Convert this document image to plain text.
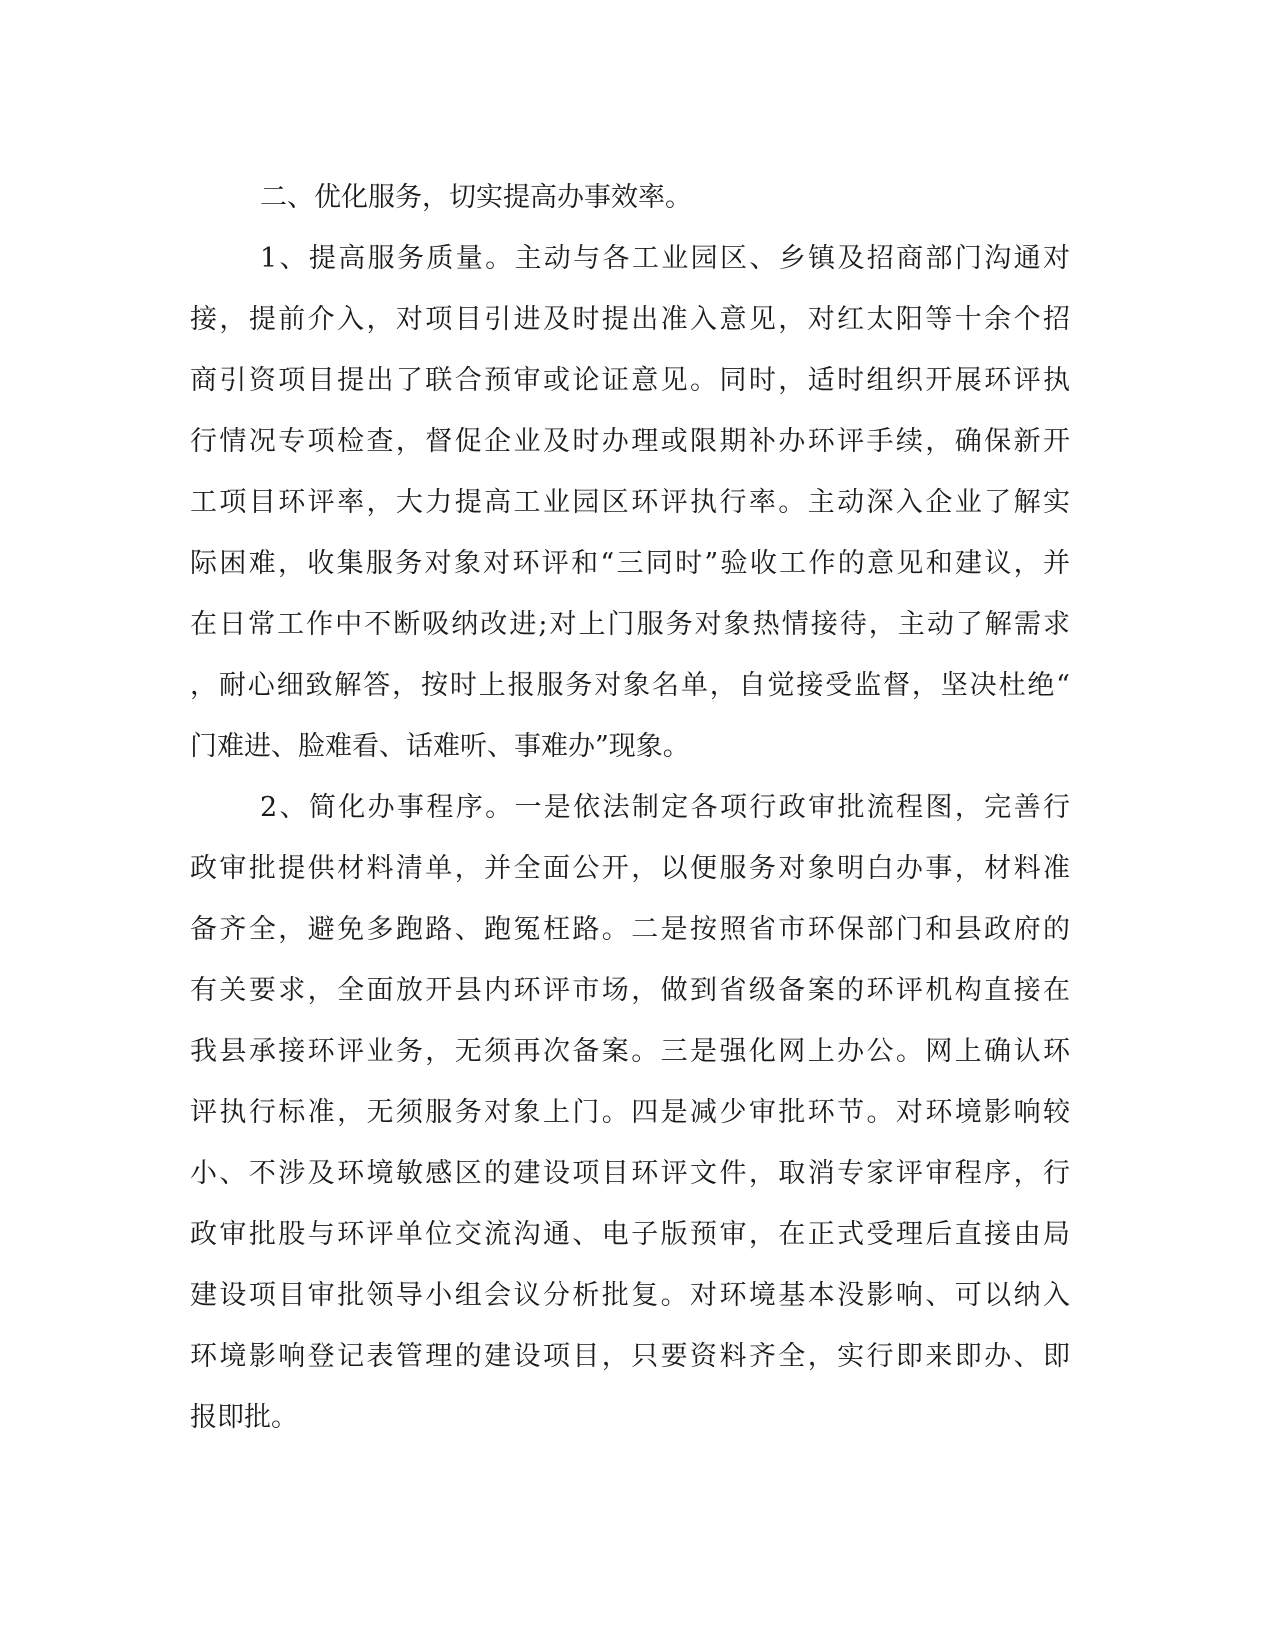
二、优化服务，切实提高办事效率。
1、提高服务质量。主动与各工业园区、乡镇及招商部门沟通对
接，提前介入，对项目引进及时提出准入意见，对红太阳等十余个招
商引资项目提出了联合预审或论证意见。同时，适时组织开展环评执
行情况专项检查，督促企业及时办理或限期补办环评手续，确保新开
工项目环评率，大力提高工业园区环评执行率。主动深入企业了解实
际困难，收集服务对象对环评和“三同时”验收工作的意见和建议，并
在日常工作中不断吸纳改进;对上门服务对象热情接待，主动了解需求
，耐心细致解答，按时上报服务对象名单，自觉接受监督，坚决杜绝“
门难进、脸难看、话难听、事难办”现象。
2、简化办事程序。一是依法制定各项行政审批流程图，完善行
政审批提供材料清单，并全面公开，以便服务对象明白办事，材料准
备齐全，避免多跑路、跑冤枉路。二是按照省市环保部门和县政府的
有关要求，全面放开县内环评市场，做到省级备案的环评机构直接在
我县承接环评业务，无须再次备案。三是强化网上办公。网上确认环
评执行标准，无须服务对象上门。四是减少审批环节。对环境影响较
小、不涉及环境敏感区的建设项目环评文件，取消专家评审程序，行
政审批股与环评单位交流沟通、电子版预审，在正式受理后直接由局
建设项目审批领导小组会议分析批复。对环境基本没影响、可以纳入
环境影响登记表管理的建设项目，只要资料齐全，实行即来即办、即
报即批。
